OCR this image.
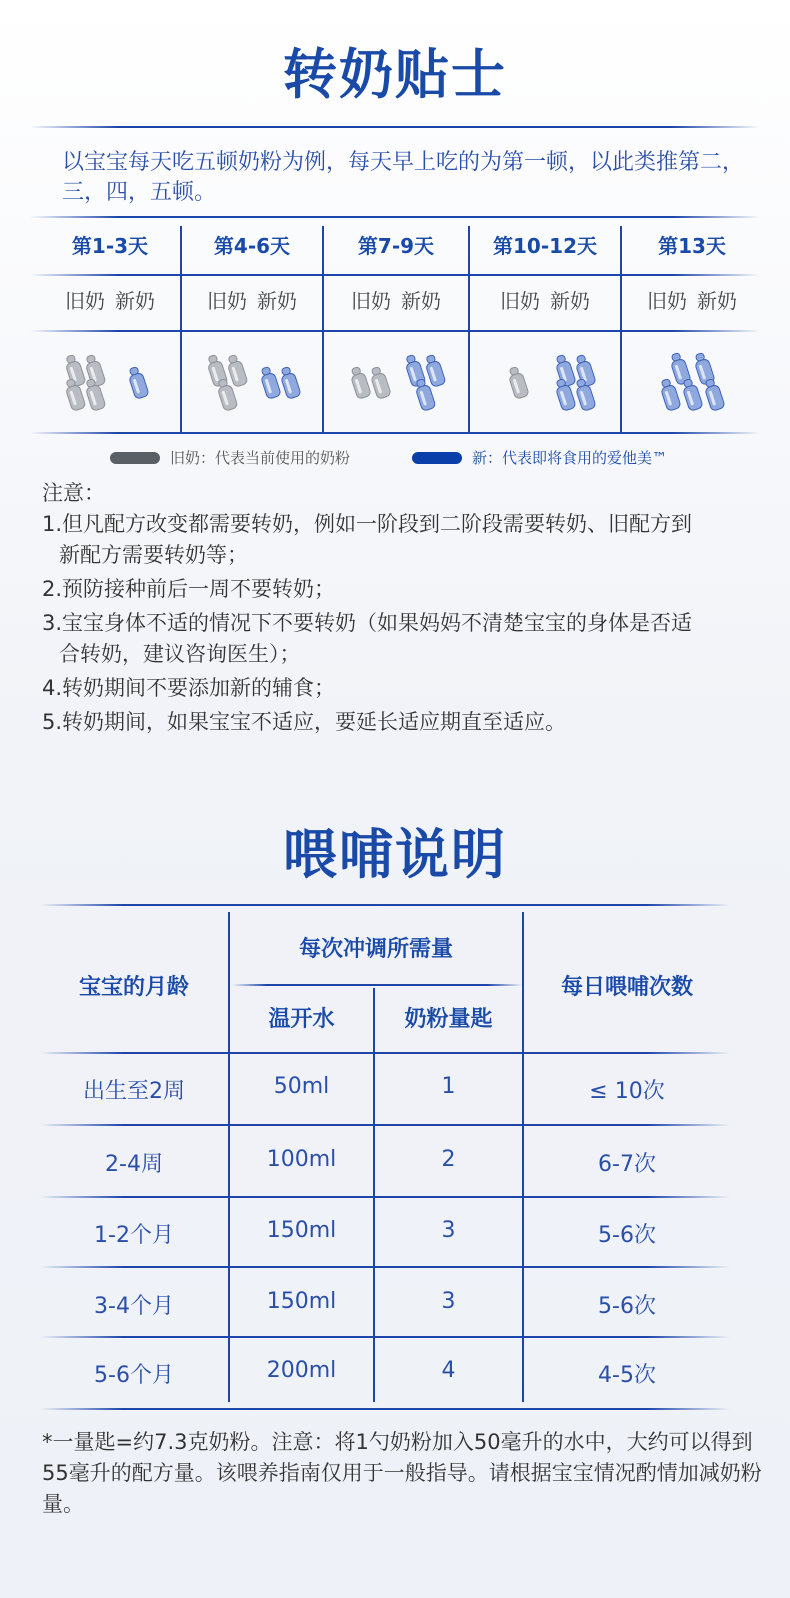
转奶贴士
以宝宝每天吃五顿奶粉为例，每天早上吃的为第一顿，以此类推第二，三，四，五顿。
第1-3天	第4-6天	第7-9天	第10-12天	第13天
旧奶 新奶	旧奶 新奶	旧奶 新奶	旧奶 新奶	旧奶 新奶
旧奶：代表当前使用的奶粉	新：代表即将食用的爱他美™
注意：
1.但凡配方改变都需要转奶，例如一阶段到二阶段需要转奶、旧配方到
新配方需要转奶等；
2.预防接种前后一周不要转奶；
3.宝宝身体不适的情况下不要转奶（如果妈妈不清楚宝宝的身体是否适
合转奶，建议咨询医生）；
4.转奶期间不要添加新的辅食；
5.转奶期间，如果宝宝不适应，要延长适应期直至适应。
喂哺说明
宝宝的月龄
每次冲调所需量
温开水	奶粉量匙
每日喂哺次数
出生至2周	50ml	1	≤ 10次
2-4周	100ml	2	6-7次
1-2个月	150ml	3	5-6次
3-4个月	150ml	3	5-6次
5-6个月	200ml	4	4-5次
*一量匙=约7.3克奶粉。注意：将1勺奶粉加入50毫升的水中，大约可以得到55毫升的配方量。该喂养指南仅用于一般指导。请根据宝宝情况酌情加减奶粉量。
